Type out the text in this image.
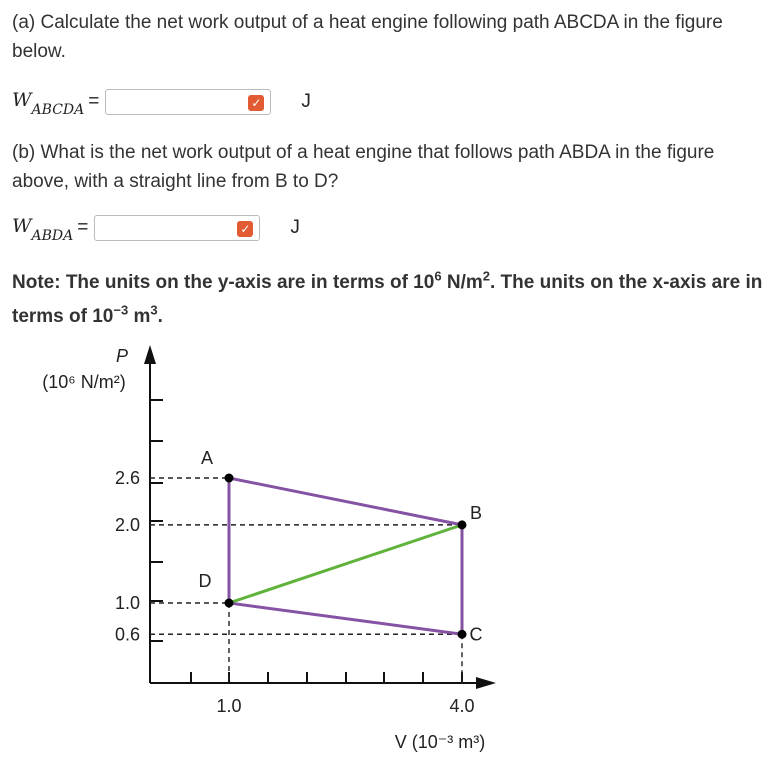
(a) Calculate the net work output of a heat engine following path ABCDA in the figure below.
$W_{ABCDA}$ =	✓ J
(b) What is the net work output of a heat engine that follows path ABDA in the figure above, with a straight line from B to D?
$W_{ABDA}$ =	✓ J
Note: The units on the y-axis are in terms of $10^6$ $N/m^2$. The units on the x-axis are in terms of $10^{-3}$ $m^3$.
A
B
C
D
2.6
2.0
1.0
0.6
1.0	4.0
P
(10⁶ N/m²)
V (10⁻³ m³)
